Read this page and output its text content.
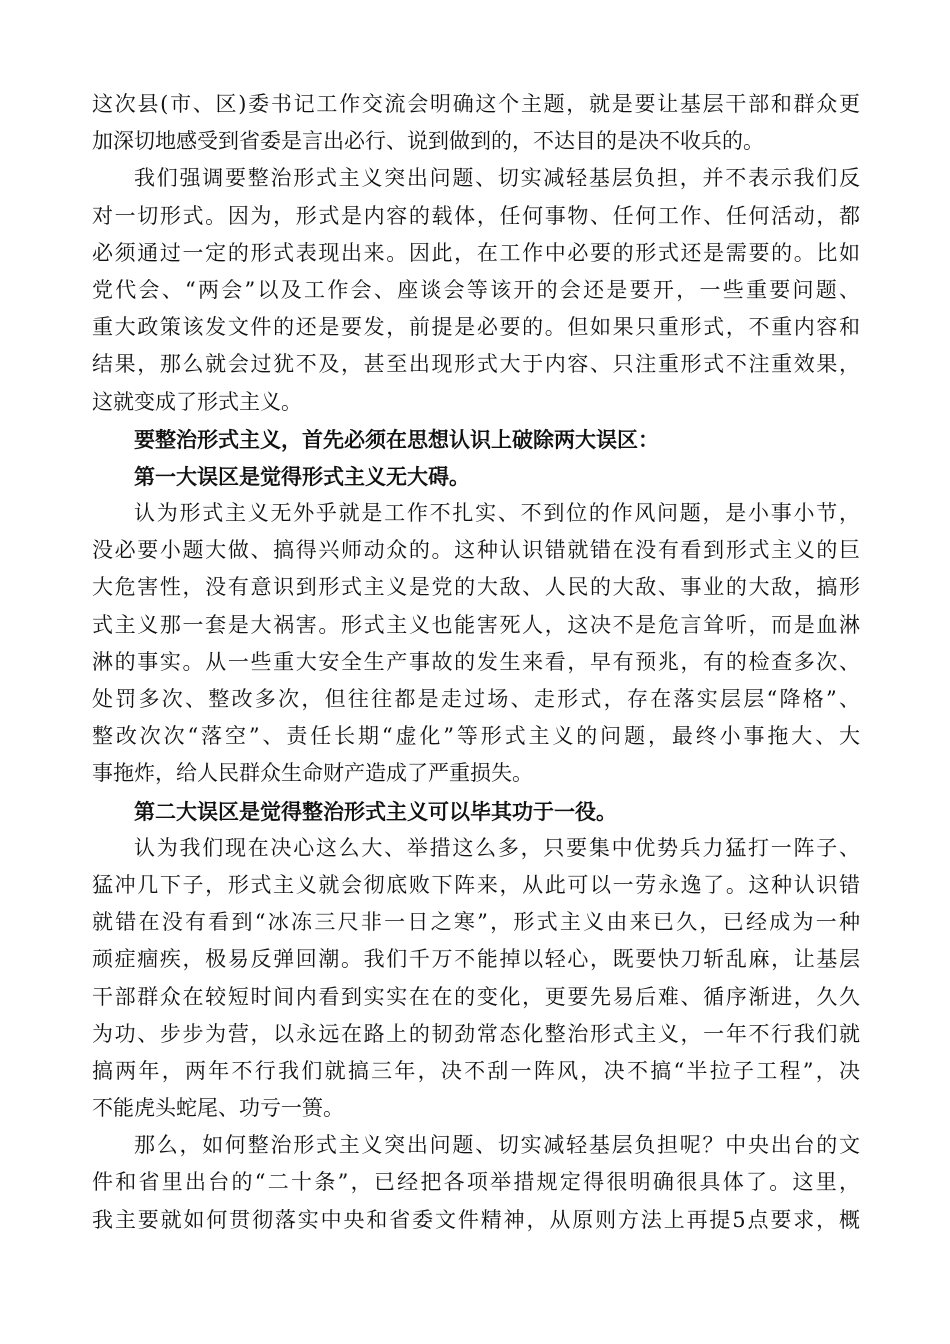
这次县(市、区)委书记工作交流会明确这个主题，就是要让基层干部和群众更
加深切地感受到省委是言出必行、说到做到的，不达目的是决不收兵的。
我们强调要整治形式主义突出问题、切实减轻基层负担，并不表示我们反
对一切形式。因为，形式是内容的载体，任何事物、任何工作、任何活动，都
必须通过一定的形式表现出来。因此，在工作中必要的形式还是需要的。比如
党代会、“两会”以及工作会、座谈会等该开的会还是要开，一些重要问题、
重大政策该发文件的还是要发，前提是必要的。但如果只重形式，不重内容和
结果，那么就会过犹不及，甚至出现形式大于内容、只注重形式不注重效果，
这就变成了形式主义。
要整治形式主义，首先必须在思想认识上破除两大误区：
第一大误区是觉得形式主义无大碍。
认为形式主义无外乎就是工作不扎实、不到位的作风问题，是小事小节，
没必要小题大做、搞得兴师动众的。这种认识错就错在没有看到形式主义的巨
大危害性，没有意识到形式主义是党的大敌、人民的大敌、事业的大敌，搞形
式主义那一套是大祸害。形式主义也能害死人，这决不是危言耸听，而是血淋
淋的事实。从一些重大安全生产事故的发生来看，早有预兆，有的检查多次、
处罚多次、整改多次，但往往都是走过场、走形式，存在落实层层“降格”、
整改次次“落空”、责任长期“虚化”等形式主义的问题，最终小事拖大、大
事拖炸，给人民群众生命财产造成了严重损失。
第二大误区是觉得整治形式主义可以毕其功于一役。
认为我们现在决心这么大、举措这么多，只要集中优势兵力猛打一阵子、
猛冲几下子，形式主义就会彻底败下阵来，从此可以一劳永逸了。这种认识错
就错在没有看到“冰冻三尺非一日之寒”，形式主义由来已久，已经成为一种
顽症痼疾，极易反弹回潮。我们千万不能掉以轻心，既要快刀斩乱麻，让基层
干部群众在较短时间内看到实实在在的变化，更要先易后难、循序渐进，久久
为功、步步为营，以永远在路上的韧劲常态化整治形式主义，一年不行我们就
搞两年，两年不行我们就搞三年，决不刮一阵风，决不搞“半拉子工程”，决
不能虎头蛇尾、功亏一篑。
那么，如何整治形式主义突出问题、切实减轻基层负担呢？中央出台的文
件和省里出台的“二十条”，已经把各项举措规定得很明确很具体了。这里，
我主要就如何贯彻落实中央和省委文件精神，从原则方法上再提5点要求，概
